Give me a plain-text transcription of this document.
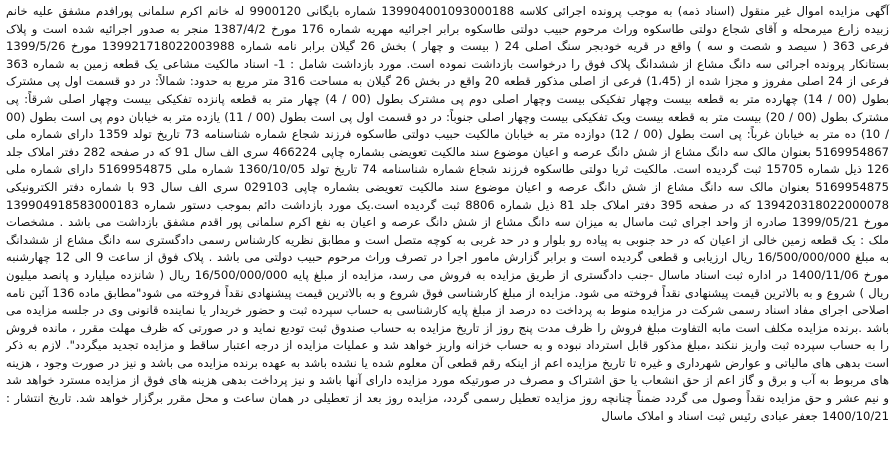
آگهی مزایده اموال غیر منقول (اسناد ذمه) به موجب پرونده اجرائی کلاسه 139904001093000188 شماره بایگانی 9900120 له خانم اکرم سلمانی پورافدم مشفق علیه خانم زبیده زارع میرمحله و آقای شجاع دولتی طاسکوه وراث مرحوم حبیب دولتی طاسکوه برابر اجرائیه مهریه شماره 176 مورخ 1387/4/2 منجر به صدور اجرائیه شده است و پلاک فرعی 363 ( سیصد و شصت و سه ) واقع در قریه خودبجر سنگ اصلی 24 ( بیست و چهار ) بخش 26 گیلان برابر نامه شماره 139921718022003988 مورخ 1399/5/26 بستانکار پرونده اجرائی سه دانگ مشاع از ششدانگ پلاک فوق را درخواست بازداشت نموده است. مورد بازداشت شامل : 1- اسناد مالکیت مشاعی یک قطعه زمین به شماره 363 فرعی از 24 اصلی مفروز و مجزا شده از (1،45) فرعی از اصلی مذکور قطعه 20 واقع در بخش 26 گیلان به مساحت 316 متر مربع به حدود: شمالاً: در دو قسمت اول پی مشترک بطول (00 / 14) چهارده متر به قطعه بیست وچهار تفکیکی بیست وچهار اصلی دوم پی مشترک بطول (00 / 4) چهار متر به قطعه پانزده تفکیکی بیست وچهار اصلی شرقاً: پی مشترک بطول (00 / 20) بیست متر به قطعه بیست ویک تفکیکی بیست وچهار اصلی جنوباً: در دو قسمت اول پی است بطول (00 / 11) یازده متر به خیابان دوم پی است بطول (00 / 10) ده متر به خیابان غرباً: پی است بطول (00 / 12) دوازده متر به خیابان مالکیت حبیب دولتی طاسکوه فرزند شجاع شماره شناسنامه 73 تاریخ تولد 1359 دارای شماره ملی 5169954867 بعنوان مالک سه دانگ مشاع از شش دانگ عرصه و اعیان موضوع سند مالکیت تعویضی بشماره چاپی 466224 سری الف سال 91 که در صفحه 282 دفتر املاک جلد 126 ذیل شماره 15705 ثبت گردیده است. مالکیت ثریا دولتی طاسکوه فرزند شجاع شماره شناسنامه 74 تاریخ تولد 1360/10/05 شماره ملی 5169954875 دارای شماره ملی 5169954875 بعنوان مالک سه دانگ مشاع از شش دانگ عرصه و اعیان موضوع سند مالکیت تعویضی بشماره چاپی 029103 سری الف سال 93 با شماره دفتر الکترونیکی 139420318022000078 که در صفحه 395 دفتر املاک جلد 81 ذیل شماره 8806 ثبت گردیده است.یک مورد بازداشت دائم بموجب دستور شماره 139904918583000183 مورخ 1399/05/21 صادره از واحد اجرای ثبت ماسال به میزان سه دانگ مشاع از شش دانگ عرصه و اعیان به نفع اکرم سلمانی پور اقدم مشفق بازداشت می باشد . مشخصات ملک : یک قطعه زمین خالی از اعیان که در حد جنوبی به پیاده رو بلوار و در حد غربی به کوچه متصل است و مطابق نظریه کارشناس رسمی دادگستری سه دانگ مشاع از ششدانگ به مبلغ 16/500/000/000 ریال ارزیابی و قطعی گردیده است و برابر گزارش مامور اجرا در تصرف وراث مرحوم حبیب دولتی می باشد . پلاک فوق از ساعت 9 الی 12 چهارشنبه مورخ 1400/11/06 در اداره ثبت اسناد ماسال -جنب دادگستری از طریق مزایده به فروش می رسد، مزایده از مبلغ پایه 16/500/000/000 ریال ( شانزده میلیارد و پانصد میلیون ریال ) شروع و به بالاترین قیمت پیشنهادی نقداً فروخته می شود. مزایده از مبلغ کارشناسی فوق شروع و به بالاترین قیمت پیشنهادی نقداً فروخته می شود"مطابق ماده 136 آئین نامه اصلاحی اجرای مفاد اسناد رسمی شرکت در مزایده منوط به پرداخت ده درصد از مبلغ پایه کارشناسی به حساب سپرده ثبت و حضور خریدار یا نماینده قانونی وی در جلسه مزایده می باشد .برنده مزایده مکلف است مابه التفاوت مبلغ فروش را ظرف مدت پنج روز از تاریخ مزایده به حساب صندوق ثبت تودیع نماید و در صورتی که ظرف مهلت مقرر ، مانده فروش را به حساب سپرده ثبت واریز ننکند ،مبلغ مذکور قابل استرداد نبوده و به حساب خزانه واریز خواهد شد و عملیات مزایده از درجه اعتبار ساقط و مزایده تجدید میگردد". لازم به ذکر است بدهی های مالیاتی و عوارض شهرداری و غیره تا تاریخ مزایده اعم از اینکه رقم قطعی آن معلوم شده یا نشده باشد به عهده برنده مزایده می باشد و نیز در صورت وجود ، هزینه های مربوط به آب و برق و گاز اعم از حق انشعاب یا حق اشتراک و مصرف در صورتیکه مورد مزایده دارای آنها باشد و نیز پرداخت بدهی هزینه های فوق از مزایده مسترد خواهد شد و نیم عشر و حق مزایده نقداً وصول می گردد ضمناً چنانچه روز مزایده تعطیل رسمی گردد، مزایده روز بعد از تعطیلی در همان ساعت و محل مقرر برگزار خواهد شد. تاریخ انتشار : 1400/10/21 جعفر عبادی رئیس ثبت اسناد و املاک ماسال
